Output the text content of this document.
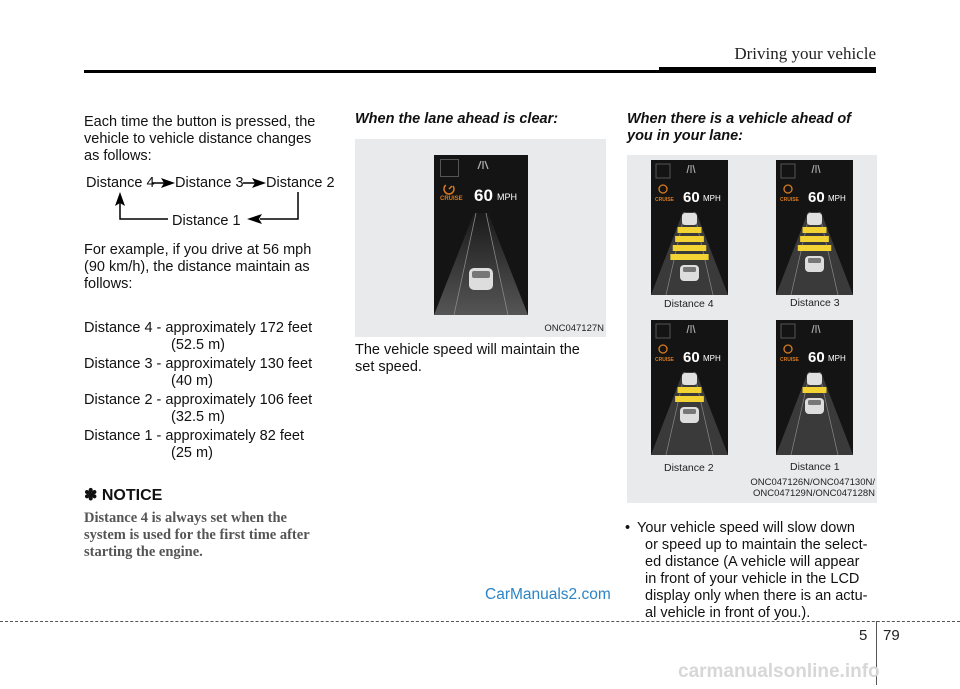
Driving your vehicle
Each time the button is pressed, the
vehicle to vehicle distance changes
as follows:
Distance 4 Distance 3 Distance 2
Distance 1
For example, if you drive at 56 mph
(90 km/h), the distance maintain as
follows:
Distance 4 - approximately 172 feet
(52.5 m)
Distance 3 - approximately 130 feet
(40 m)
Distance 2 - approximately 106 feet
(32.5 m)
Distance 1 - approximately 82 feet
(25 m)
✽ NOTICE
Distance 4 is always set when the
system is used for the first time after
starting the engine.
When the lane ahead is clear:
CRUISE 60 MPH
ONC047127N
The vehicle speed will maintain the
set speed.
When there is a vehicle ahead of
you in your lane:
CRUISE 60 MPH	CRUISE 60 MPH
CRUISE 60 MPH	CRUISE 60 MPH
Distance 4	Distance 3
Distance 2	Distance 1
ONC047126N/ONC047130N/
ONC047129N/ONC047128N
• Your vehicle speed will slow down
or speed up to maintain the select-
ed distance (A vehicle will appear
in front of your vehicle in the LCD
display only when there is an actu-
al vehicle in front of you.).
5 79
CarManuals2.com
carmanualsonline.info
